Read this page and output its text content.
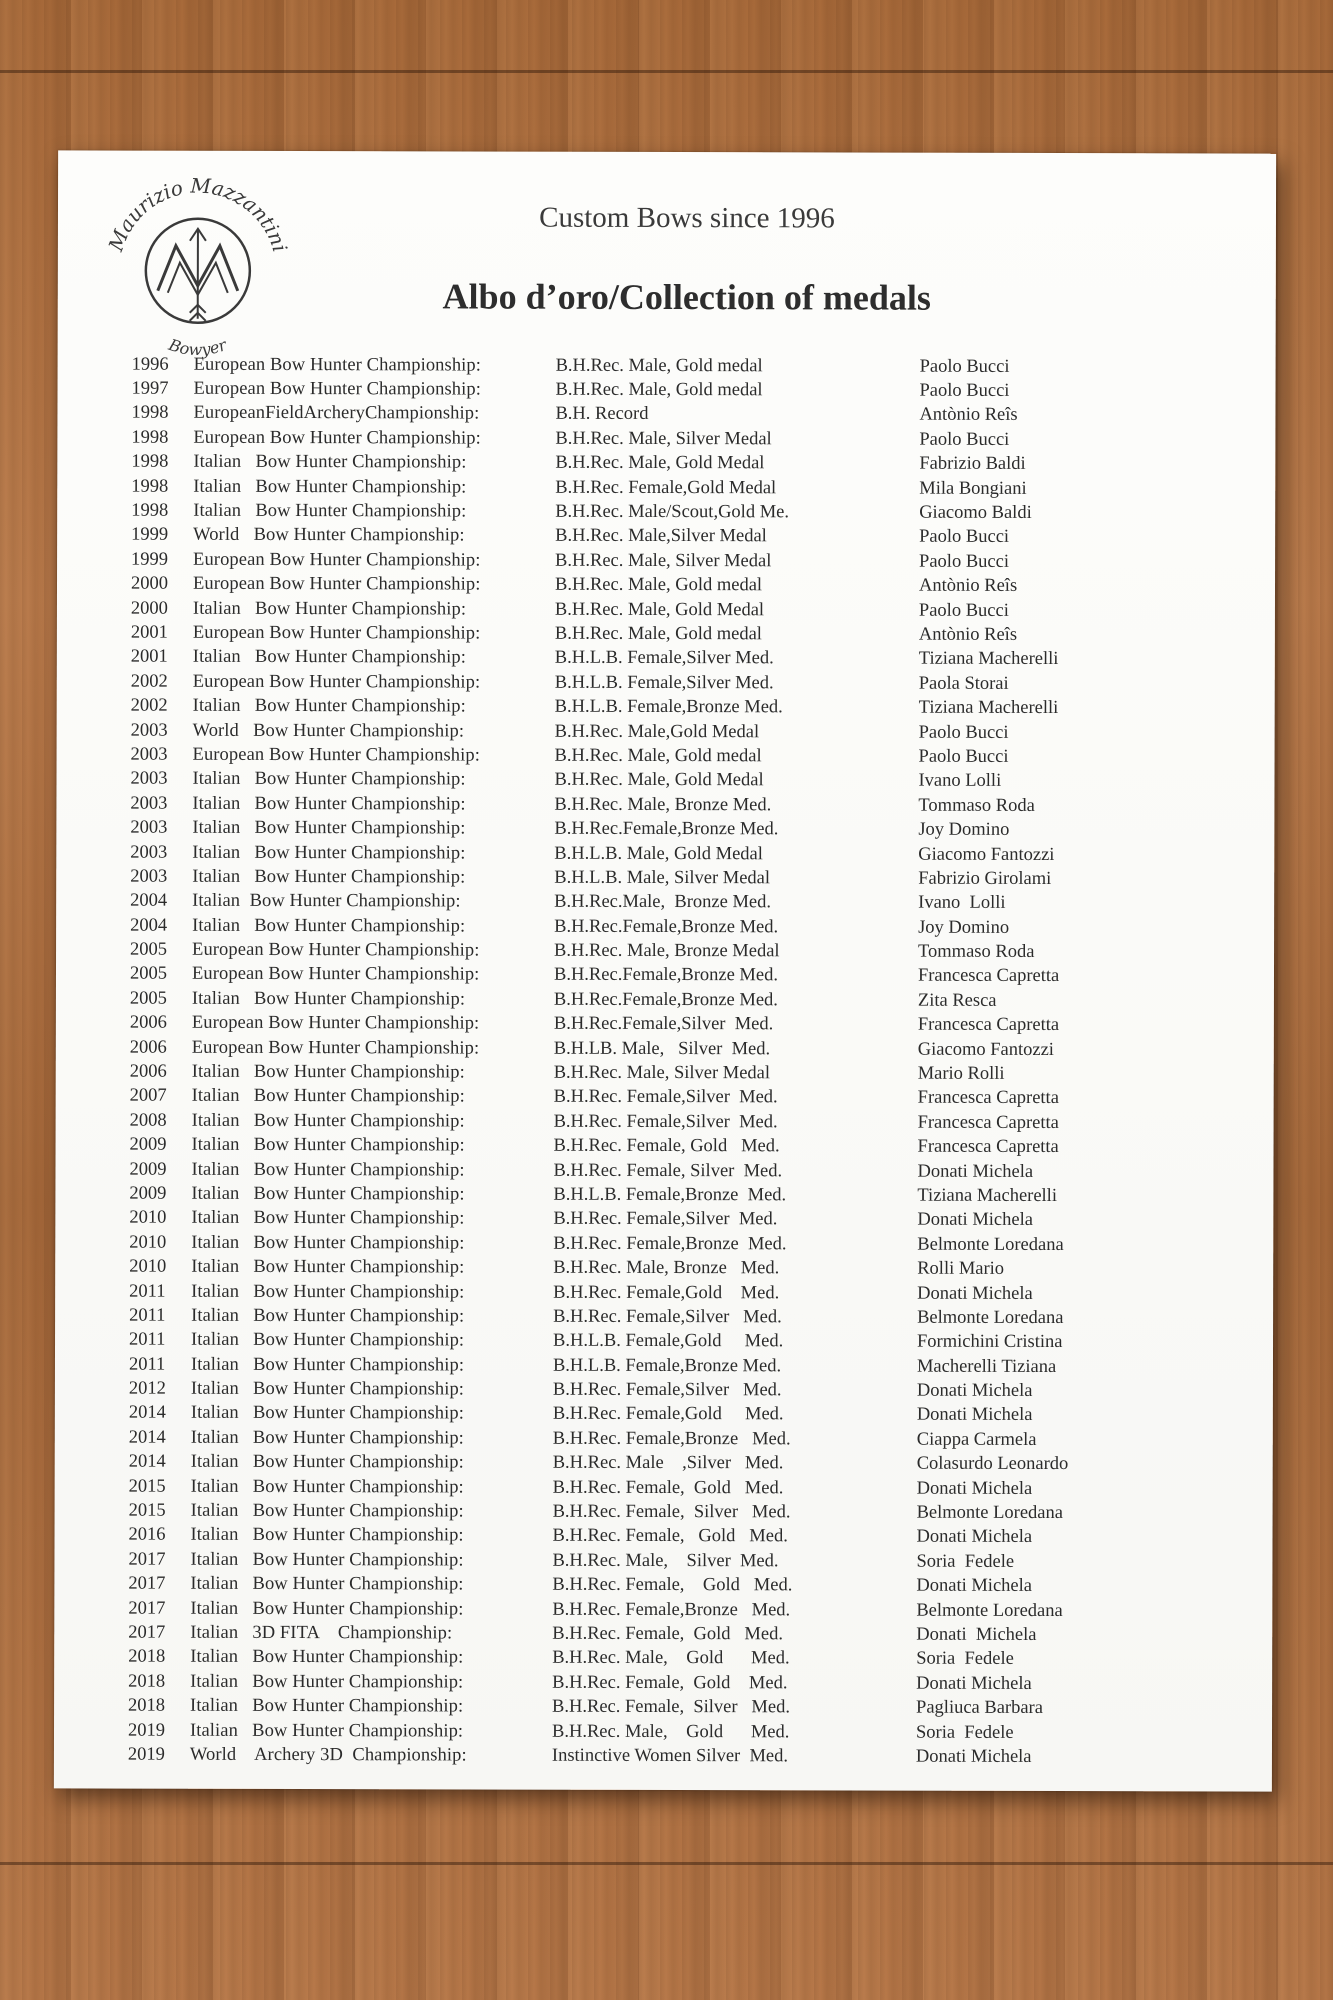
Maurizio Mazzantini
Bowyer
Custom Bows since 1996
Albo d’oro/Collection of medals
1996	European Bow Hunter Championship:	B.H.Rec. Male, Gold medal	Paolo Bucci
1997	European Bow Hunter Championship:	B.H.Rec. Male, Gold medal	Paolo Bucci
1998	EuropeanFieldArcheryChampionship:	B.H. Record	Antònio Reîs
1998	European Bow Hunter Championship:	B.H.Rec. Male, Silver Medal	Paolo Bucci
1998	Italian   Bow Hunter Championship:	B.H.Rec. Male, Gold Medal	Fabrizio Baldi
1998	Italian   Bow Hunter Championship:	B.H.Rec. Female,Gold Medal	Mila Bongiani
1998	Italian   Bow Hunter Championship:	B.H.Rec. Male/Scout,Gold Me.	Giacomo Baldi
1999	World   Bow Hunter Championship:	B.H.Rec. Male,Silver Medal	Paolo Bucci
1999	European Bow Hunter Championship:	B.H.Rec. Male, Silver Medal	Paolo Bucci
2000	European Bow Hunter Championship:	B.H.Rec. Male, Gold medal	Antònio Reîs
2000	Italian   Bow Hunter Championship:	B.H.Rec. Male, Gold Medal	Paolo Bucci
2001	European Bow Hunter Championship:	B.H.Rec. Male, Gold medal	Antònio Reîs
2001	Italian   Bow Hunter Championship:	B.H.L.B. Female,Silver Med.	Tiziana Macherelli
2002	European Bow Hunter Championship:	B.H.L.B. Female,Silver Med.	Paola Storai
2002	Italian   Bow Hunter Championship:	B.H.L.B. Female,Bronze Med.	Tiziana Macherelli
2003	World   Bow Hunter Championship:	B.H.Rec. Male,Gold Medal	Paolo Bucci
2003	European Bow Hunter Championship:	B.H.Rec. Male, Gold medal	Paolo Bucci
2003	Italian   Bow Hunter Championship:	B.H.Rec. Male, Gold Medal	Ivano Lolli
2003	Italian   Bow Hunter Championship:	B.H.Rec. Male, Bronze Med.	Tommaso Roda
2003	Italian   Bow Hunter Championship:	B.H.Rec.Female,Bronze Med.	Joy Domino
2003	Italian   Bow Hunter Championship:	B.H.L.B. Male, Gold Medal	Giacomo Fantozzi
2003	Italian   Bow Hunter Championship:	B.H.L.B. Male, Silver Medal	Fabrizio Girolami
2004	Italian  Bow Hunter Championship:	B.H.Rec.Male,  Bronze Med.	Ivano  Lolli
2004	Italian   Bow Hunter Championship:	B.H.Rec.Female,Bronze Med.	Joy Domino
2005	European Bow Hunter Championship:	B.H.Rec. Male, Bronze Medal	Tommaso Roda
2005	European Bow Hunter Championship:	B.H.Rec.Female,Bronze Med.	Francesca Capretta
2005	Italian   Bow Hunter Championship:	B.H.Rec.Female,Bronze Med.	Zita Resca
2006	European Bow Hunter Championship:	B.H.Rec.Female,Silver  Med.	Francesca Capretta
2006	European Bow Hunter Championship:	B.H.LB. Male,   Silver  Med.	Giacomo Fantozzi
2006	Italian   Bow Hunter Championship:	B.H.Rec. Male, Silver Medal	Mario Rolli
2007	Italian   Bow Hunter Championship:	B.H.Rec. Female,Silver  Med.	Francesca Capretta
2008	Italian   Bow Hunter Championship:	B.H.Rec. Female,Silver  Med.	Francesca Capretta
2009	Italian   Bow Hunter Championship:	B.H.Rec. Female, Gold   Med.	Francesca Capretta
2009	Italian   Bow Hunter Championship:	B.H.Rec. Female, Silver  Med.	Donati Michela
2009	Italian   Bow Hunter Championship:	B.H.L.B. Female,Bronze  Med.	Tiziana Macherelli
2010	Italian   Bow Hunter Championship:	B.H.Rec. Female,Silver  Med.	Donati Michela
2010	Italian   Bow Hunter Championship:	B.H.Rec. Female,Bronze  Med.	Belmonte Loredana
2010	Italian   Bow Hunter Championship:	B.H.Rec. Male, Bronze   Med.	Rolli Mario
2011	Italian   Bow Hunter Championship:	B.H.Rec. Female,Gold    Med.	Donati Michela
2011	Italian   Bow Hunter Championship:	B.H.Rec. Female,Silver   Med.	Belmonte Loredana
2011	Italian   Bow Hunter Championship:	B.H.L.B. Female,Gold     Med.	Formichini Cristina
2011	Italian   Bow Hunter Championship:	B.H.L.B. Female,Bronze Med.	Macherelli Tiziana
2012	Italian   Bow Hunter Championship:	B.H.Rec. Female,Silver   Med.	Donati Michela
2014	Italian   Bow Hunter Championship:	B.H.Rec. Female,Gold     Med.	Donati Michela
2014	Italian   Bow Hunter Championship:	B.H.Rec. Female,Bronze   Med.	Ciappa Carmela
2014	Italian   Bow Hunter Championship:	B.H.Rec. Male    ,Silver   Med.	Colasurdo Leonardo
2015	Italian   Bow Hunter Championship:	B.H.Rec. Female,  Gold   Med.	Donati Michela
2015	Italian   Bow Hunter Championship:	B.H.Rec. Female,  Silver   Med.	Belmonte Loredana
2016	Italian   Bow Hunter Championship:	B.H.Rec. Female,   Gold   Med.	Donati Michela
2017	Italian   Bow Hunter Championship:	B.H.Rec. Male,    Silver  Med.	Soria  Fedele
2017	Italian   Bow Hunter Championship:	B.H.Rec. Female,    Gold   Med.	Donati Michela
2017	Italian   Bow Hunter Championship:	B.H.Rec. Female,Bronze   Med.	Belmonte Loredana
2017	Italian   3D FITA    Championship:	B.H.Rec. Female,  Gold   Med.	Donati  Michela
2018	Italian   Bow Hunter Championship:	B.H.Rec. Male,    Gold      Med.	Soria  Fedele
2018	Italian   Bow Hunter Championship:	B.H.Rec. Female,  Gold    Med.	Donati Michela
2018	Italian   Bow Hunter Championship:	B.H.Rec. Female,  Silver   Med.	Pagliuca Barbara
2019	Italian   Bow Hunter Championship:	B.H.Rec. Male,    Gold      Med.	Soria  Fedele
2019	World    Archery 3D  Championship:	Instinctive Women Silver  Med.	Donati Michela
